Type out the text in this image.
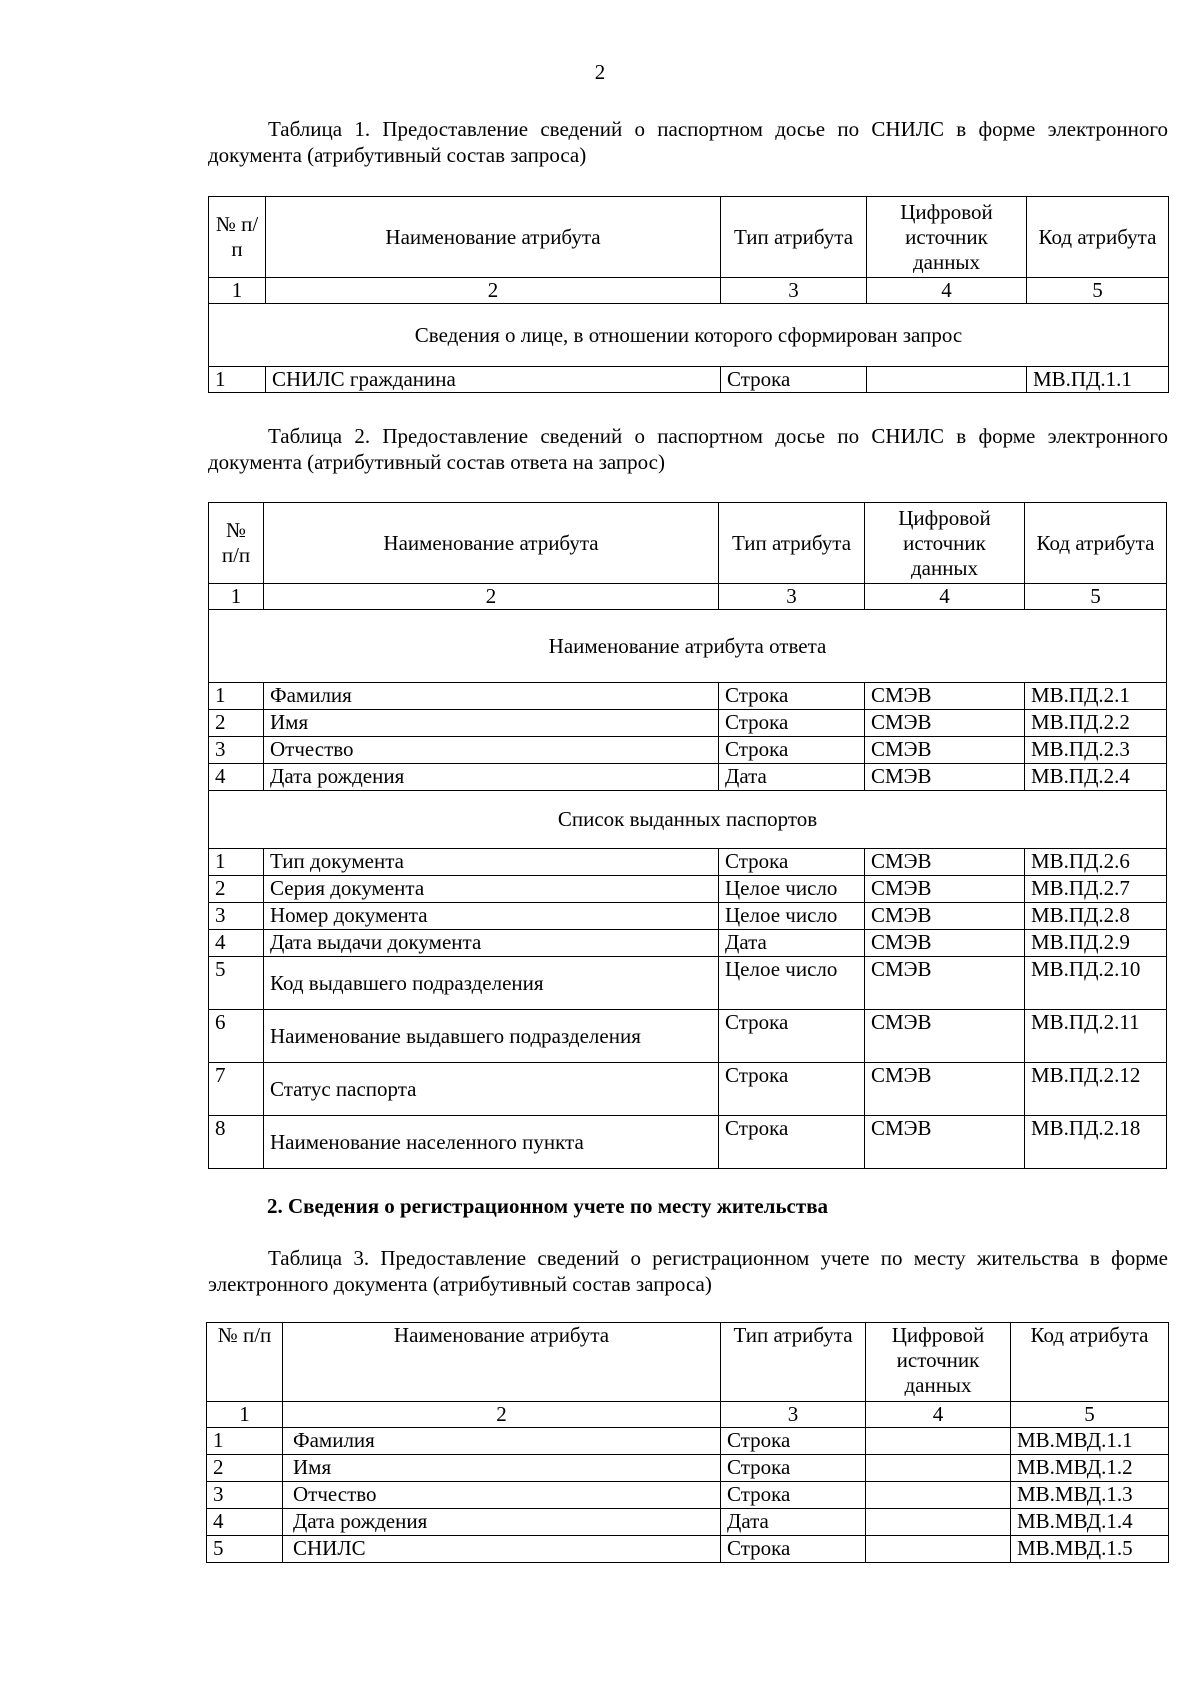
2
Таблица 1. Предоставление сведений о паспортном досье по СНИЛС в форме электронного документа (атрибутивный состав запроса)
№ п/п	Наименование атрибута	Тип атрибута	Цифровой источник данных	Код атрибута
1	2	3	4	5
Сведения о лице, в отношении которого сформирован запрос				
1	СНИЛС гражданина	Строка		МВ.ПД.1.1
Таблица 2. Предоставление сведений о паспортном досье по СНИЛС в форме электронного документа (атрибутивный состав ответа на запрос)
№ п/п	Наименование атрибута	Тип атрибута	Цифровой источник данных	Код атрибута
1	2	3	4	5
Наименование атрибута ответа				
1	Фамилия	Строка	СМЭВ	МВ.ПД.2.1
2	Имя	Строка	СМЭВ	МВ.ПД.2.2
3	Отчество	Строка	СМЭВ	МВ.ПД.2.3
4	Дата рождения	Дата	СМЭВ	МВ.ПД.2.4
Список выданных паспортов				
1	Тип документа	Строка	СМЭВ	МВ.ПД.2.6
2	Серия документа	Целое число	СМЭВ	МВ.ПД.2.7
3	Номер документа	Целое число	СМЭВ	МВ.ПД.2.8
4	Дата выдачи документа	Дата	СМЭВ	МВ.ПД.2.9
5	Код выдавшего подразделения	Целое число	СМЭВ	МВ.ПД.2.10
6	Наименование выдавшего подразделения	Строка	СМЭВ	МВ.ПД.2.11
7	Статус паспорта	Строка	СМЭВ	МВ.ПД.2.12
8	Наименование населенного пункта	Строка	СМЭВ	МВ.ПД.2.18
2. Сведения о регистрационном учете по месту жительства
Таблица 3. Предоставление сведений о регистрационном учете по месту жительства в форме электронного документа (атрибутивный состав запроса)
№ п/п	Наименование атрибута	Тип атрибута	Цифровой источник данных	Код атрибута
1	2	3	4	5
1	Фамилия	Строка		МВ.МВД.1.1
2	Имя	Строка		МВ.МВД.1.2
3	Отчество	Строка		МВ.МВД.1.3
4	Дата рождения	Дата		МВ.МВД.1.4
5	СНИЛС	Строка		МВ.МВД.1.5
